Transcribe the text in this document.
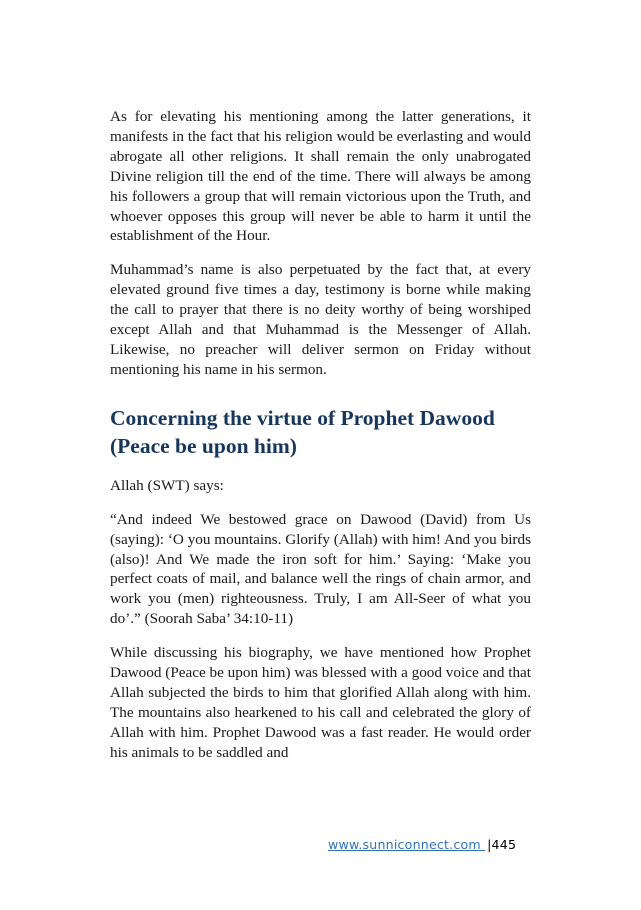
As for elevating his mentioning among the latter generations, it manifests in the fact that his religion would be everlasting and would abrogate all other religions. It shall remain the only unabrogated Divine religion till the end of the time. There will always be among his followers a group that will remain victorious upon the Truth, and whoever opposes this group will never be able to harm it until the establishment of the Hour.

Muhammad’s name is also perpetuated by the fact that, at every elevated ground five times a day, testimony is borne while making the call to prayer that there is no deity worthy of being worshiped except Allah and that Muhammad is the Messenger of Allah. Likewise, no preacher will deliver sermon on Friday without mentioning his name in his sermon.

Concerning the virtue of Prophet Dawood (Peace be upon him)

Allah (SWT) says:

“And indeed We bestowed grace on Dawood (David) from Us (saying): ‘O you mountains. Glorify (Allah) with him! And you birds (also)! And We made the iron soft for him.’ Saying: ‘Make you perfect coats of mail, and balance well the rings of chain armor, and work you (men) righteousness. Truly, I am All-Seer of what you do’.” (Soorah Saba’ 34:10-11)

While discussing his biography, we have mentioned how Prophet Dawood (Peace be upon him) was blessed with a good voice and that Allah subjected the birds to him that glorified Allah along with him. The mountains also hearkened to his call and celebrated the glory of Allah with him. Prophet Dawood was a fast reader. He would order his animals to be saddled and

www.sunniconnect.com |445
